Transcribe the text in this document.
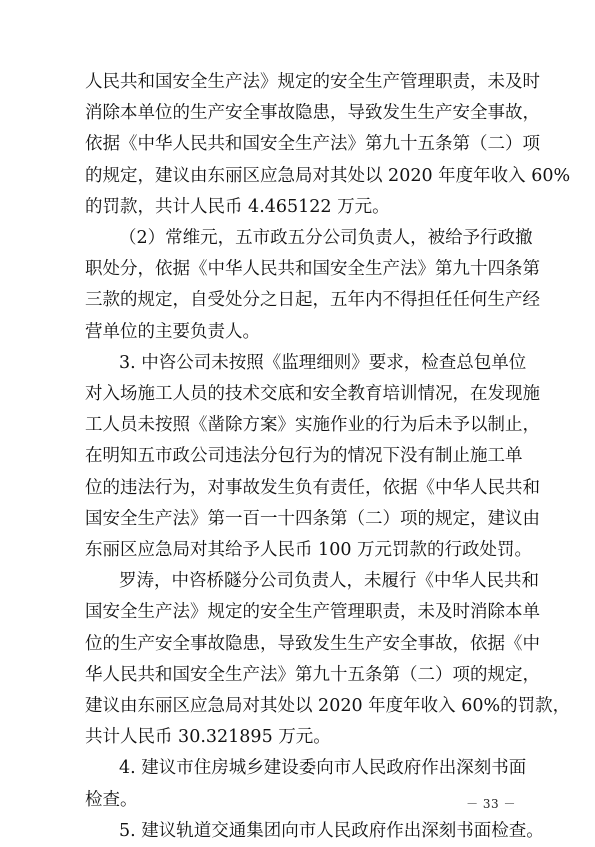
人民共和国安全生产法》规定的安全生产管理职责，未及时
消除本单位的生产安全事故隐患，导致发生生产安全事故，
依据《中华人民共和国安全生产法》第九十五条第（二）项
的规定，建议由东丽区应急局对其处以 2020 年度年收入 60%
的罚款，共计人民币 4.465122 万元。
（2）常维元，五市政五分公司负责人，被给予行政撤
职处分，依据《中华人民共和国安全生产法》第九十四条第
三款的规定，自受处分之日起，五年内不得担任任何生产经
营单位的主要负责人。
3. 中咨公司未按照《监理细则》要求，检查总包单位
对入场施工人员的技术交底和安全教育培训情况，在发现施
工人员未按照《凿除方案》实施作业的行为后未予以制止，
在明知五市政公司违法分包行为的情况下没有制止施工单
位的违法行为，对事故发生负有责任，依据《中华人民共和
国安全生产法》第一百一十四条第（二）项的规定，建议由
东丽区应急局对其给予人民币 100 万元罚款的行政处罚。
罗涛，中咨桥隧分公司负责人，未履行《中华人民共和
国安全生产法》规定的安全生产管理职责，未及时消除本单
位的生产安全事故隐患，导致发生生产安全事故，依据《中
华人民共和国安全生产法》第九十五条第（二）项的规定，
建议由东丽区应急局对其处以 2020 年度年收入 60%的罚款，
共计人民币 30.321895 万元。
4. 建议市住房城乡建设委向市人民政府作出深刻书面
检查。
5. 建议轨道交通集团向市人民政府作出深刻书面检查。
－ 33 －
